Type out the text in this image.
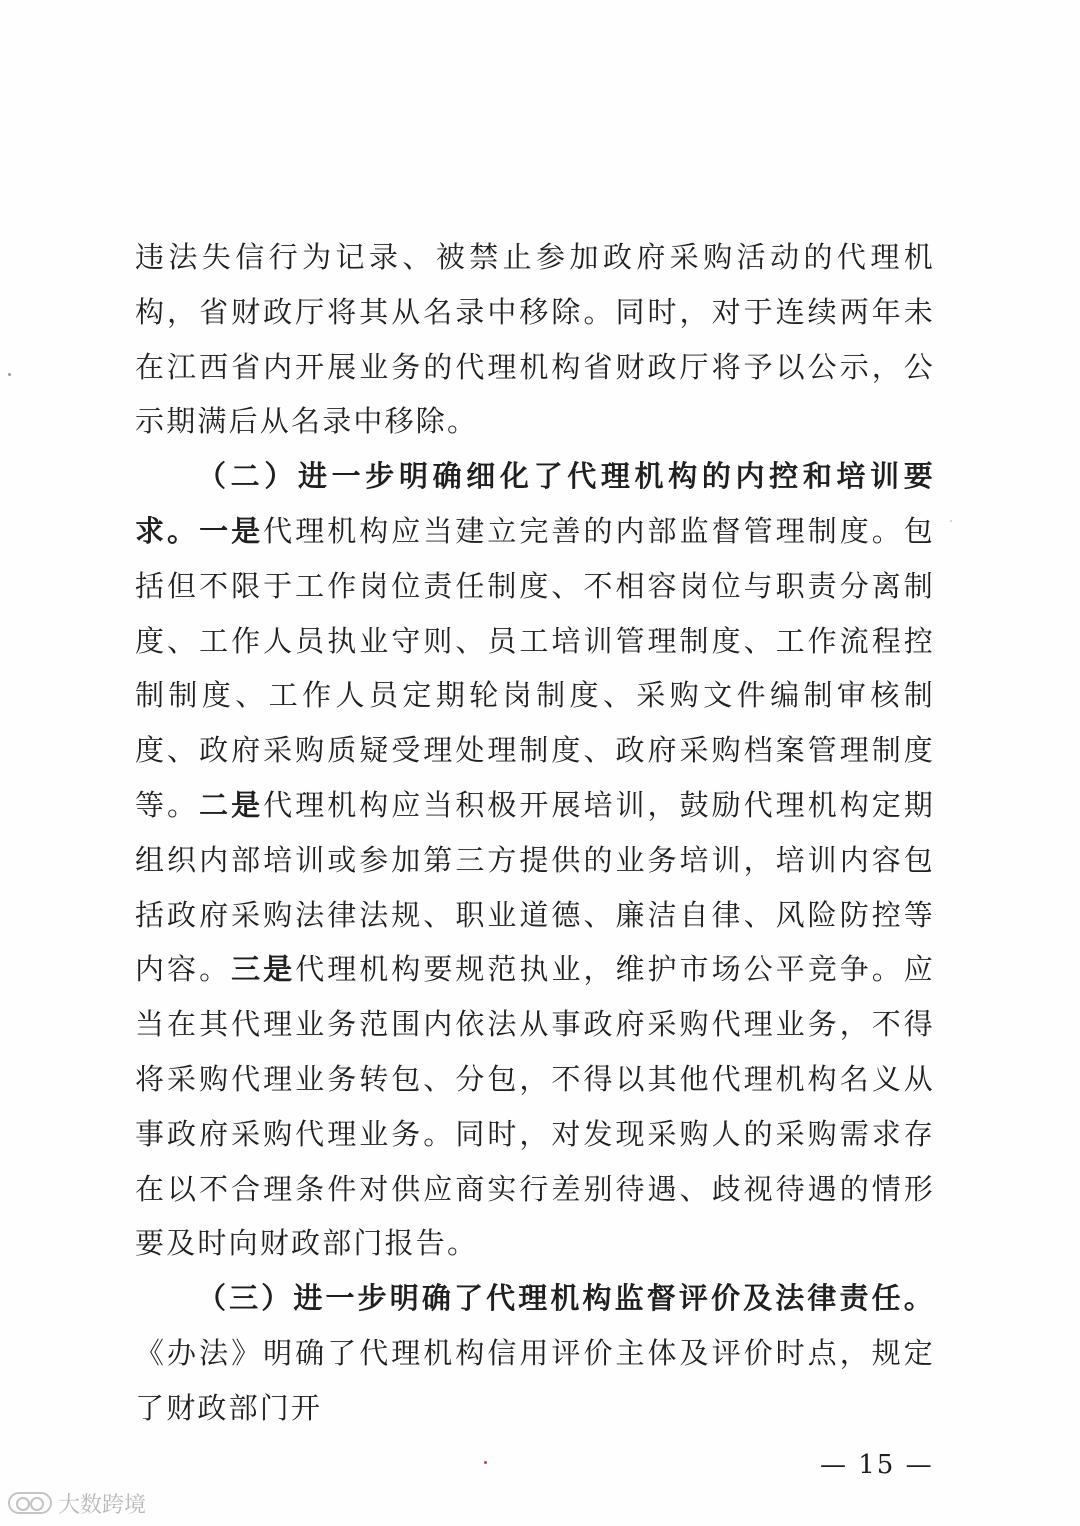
违法失信行为记录、被禁止参加政府采购活动的代理机构，省财政厅将其从名录中移除。同时，对于连续两年未在江西省内开展业务的代理机构省财政厅将予以公示，公示期满后从名录中移除。

（二）进一步明确细化了代理机构的内控和培训要求。一是代理机构应当建立完善的内部监督管理制度。包括但不限于工作岗位责任制度、不相容岗位与职责分离制度、工作人员执业守则、员工培训管理制度、工作流程控制制度、工作人员定期轮岗制度、采购文件编制审核制度、政府采购质疑受理处理制度、政府采购档案管理制度等。二是代理机构应当积极开展培训，鼓励代理机构定期组织内部培训或参加第三方提供的业务培训，培训内容包括政府采购法律法规、职业道德、廉洁自律、风险防控等内容。三是代理机构要规范执业，维护市场公平竞争。应当在其代理业务范围内依法从事政府采购代理业务，不得将采购代理业务转包、分包，不得以其他代理机构名义从事政府采购代理业务。同时，对发现采购人的采购需求存在以不合理条件对供应商实行差别待遇、歧视待遇的情形要及时向财政部门报告。

（三）进一步明确了代理机构监督评价及法律责任。《办法》明确了代理机构信用评价主体及评价时点，规定了财政部门开

— 15 —
大数跨境
